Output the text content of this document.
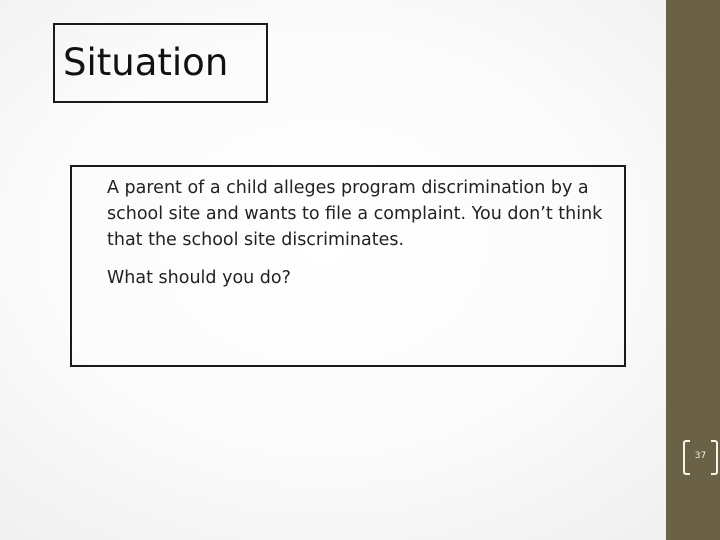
Situation

A parent of a child alleges program discrimination by a school site and wants to file a complaint. You don’t think that the school site discriminates.

What should you do?

37
